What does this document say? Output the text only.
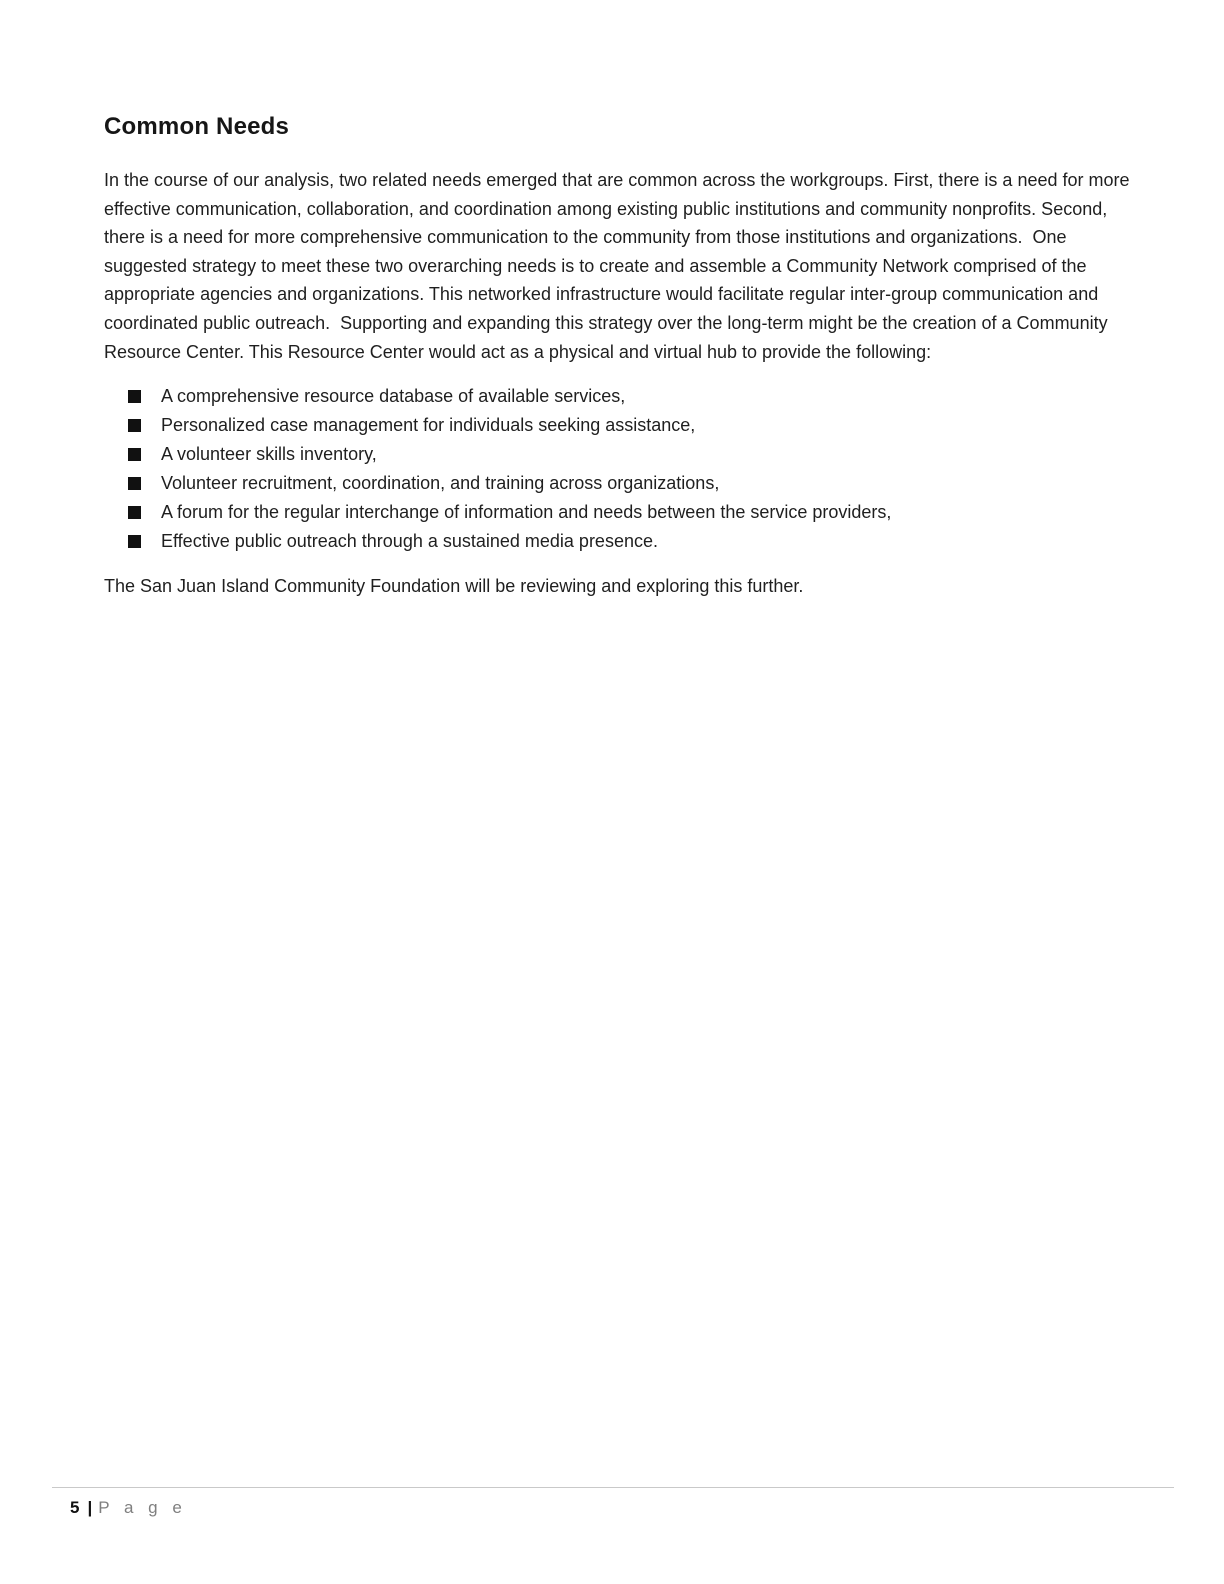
Common Needs

In the course of our analysis, two related needs emerged that are common across the workgroups. First, there is a need for more effective communication, collaboration, and coordination among existing public institutions and community nonprofits. Second, there is a need for more comprehensive communication to the community from those institutions and organizations.  One suggested strategy to meet these two overarching needs is to create and assemble a Community Network comprised of the appropriate agencies and organizations. This networked infrastructure would facilitate regular inter-group communication and coordinated public outreach.  Supporting and expanding this strategy over the long-term might be the creation of a Community Resource Center. This Resource Center would act as a physical and virtual hub to provide the following:

A comprehensive resource database of available services,
Personalized case management for individuals seeking assistance,
A volunteer skills inventory,
Volunteer recruitment, coordination, and training across organizations,
A forum for the regular interchange of information and needs between the service providers,
Effective public outreach through a sustained media presence.

The San Juan Island Community Foundation will be reviewing and exploring this further.

5 | P a g e
